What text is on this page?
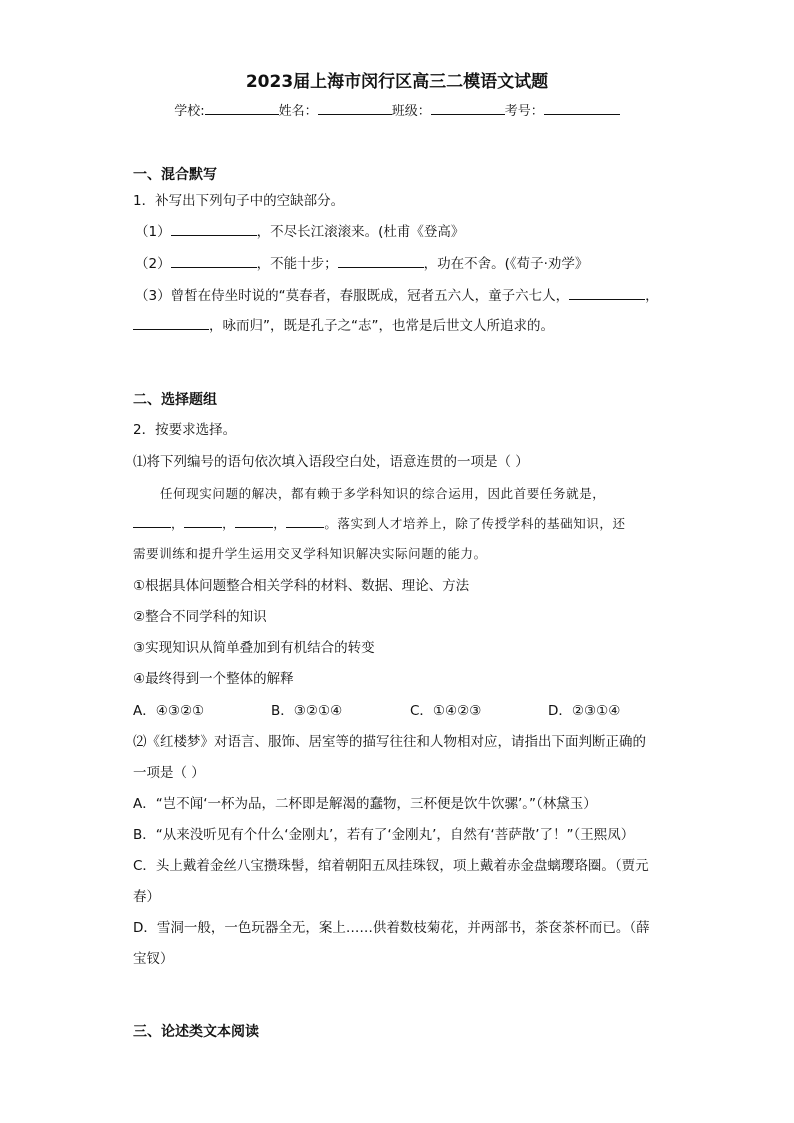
2023届上海市闵行区高三二模语文试题
学校:	姓名：	班级：	考号：
一、混合默写
1．补写出下列句子中的空缺部分。
（1）	，不尽长江滚滚来。(杜甫《登高》
（2）	，不能十步；	，功在不舍。(《荀子·劝学》
（3）曾皙在侍坐时说的“莫春者，春服既成，冠者五六人，童子六七人，	，
，咏而归”，既是孔子之“志”，也常是后世文人所追求的。
二、选择题组
2．按要求选择。
⑴将下列编号的语句依次填入语段空白处，语意连贯的一项是（ ）
任何现实问题的解决，都有赖于多学科知识的综合运用，因此首要任务就是，
，	，	，	。落实到人才培养上，除了传授学科的基础知识，还
需要训练和提升学生运用交叉学科知识解决实际问题的能力。
①根据具体问题整合相关学科的材料、数据、理论、方法
②整合不同学科的知识
③实现知识从简单叠加到有机结合的转变
④最终得到一个整体的解释
A．④③②①	B．③②①④	C．①④②③	D．②③①④
⑵《红楼梦》对语言、服饰、居室等的描写往往和人物相对应，请指出下面判断正确的
一项是（ ）
A．“岂不闻‘一杯为品，二杯即是解渴的蠢物，三杯便是饮牛饮骡’。”（林黛玉）
B．“从来没听见有个什么‘金刚丸’，若有了‘金刚丸’，自然有‘菩萨散’了！”（王熙凤）
C．头上戴着金丝八宝攒珠髻，绾着朝阳五凤挂珠钗，项上戴着赤金盘螭璎珞圈。（贾元
春）
D．雪洞一般，一色玩器全无，案上……供着数枝菊花，并两部书，茶奁茶杯而已。（薛
宝钗）
三、论述类文本阅读
